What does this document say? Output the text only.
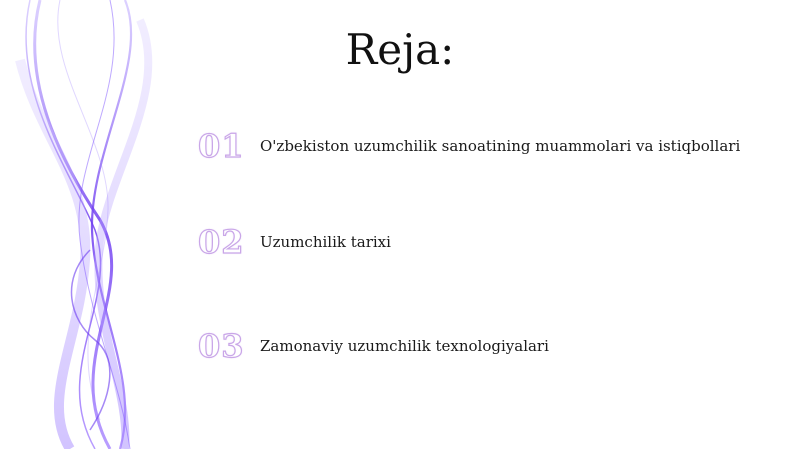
Reja:
01	O'zbekiston uzumchilik sanoatining muammolari va istiqbollari
02	Uzumchilik tarixi
03	Zamonaviy uzumchilik texnologiyalari
